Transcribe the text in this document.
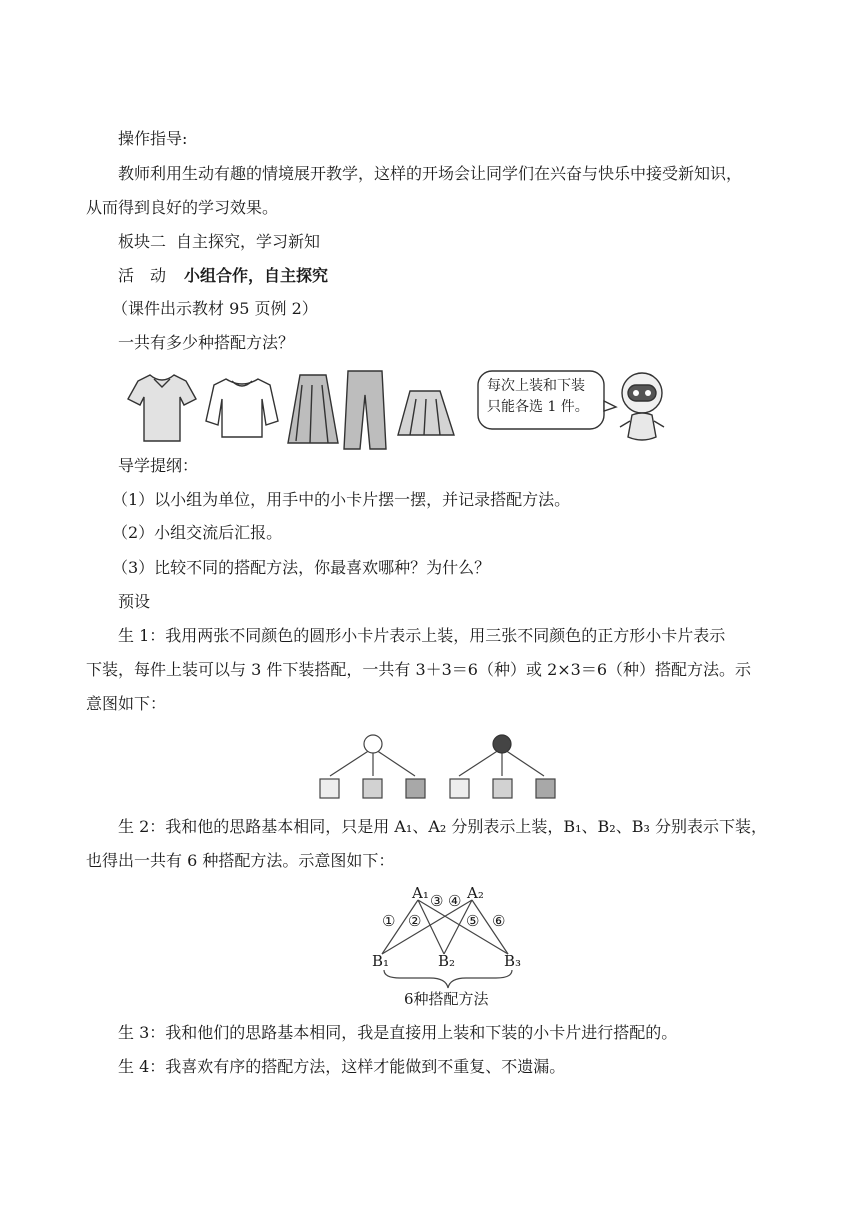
操作指导:
教师利用生动有趣的情境展开教学，这样的开场会让同学们在兴奋与快乐中接受新知识，
从而得到良好的学习效果。
板块二 自主探究，学习新知
活　动 小组合作，自主探究
（课件出示教材 95 页例 2）
一共有多少种搭配方法？
每次上装和下装
只能各选 1 件。
导学提纲：
（1）以小组为单位，用手中的小卡片摆一摆，并记录搭配方法。
（2）小组交流后汇报。
（3）比较不同的搭配方法，你最喜欢哪种？为什么？
预设
生 1：我用两张不同颜色的圆形小卡片表示上装，用三张不同颜色的正方形小卡片表示
下装，每件上装可以与 3 件下装搭配，一共有 3＋3＝6（种）或 2×3＝6（种）搭配方法。示
意图如下：
生 2：我和他的思路基本相同，只是用 A₁、A₂ 分别表示上装，B₁、B₂、B₃ 分别表示下装，
也得出一共有 6 种搭配方法。示意图如下：
A₁	A₂
B₁	B₂	B₃
① ②
③ ④
⑤ ⑥
6种搭配方法
生 3：我和他们的思路基本相同，我是直接用上装和下装的小卡片进行搭配的。
生 4：我喜欢有序的搭配方法，这样才能做到不重复、不遗漏。
